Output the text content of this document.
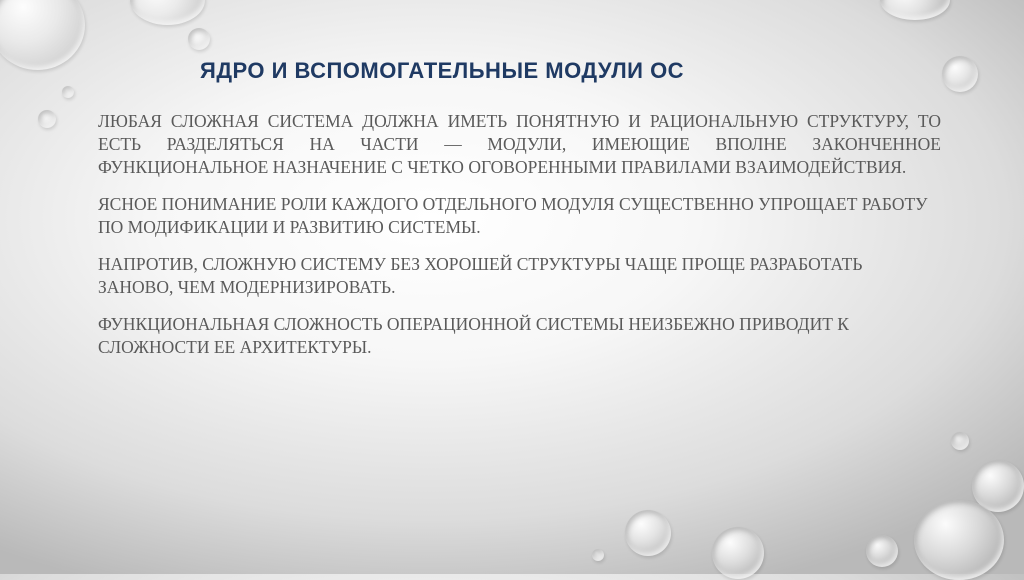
ЯДРО И ВСПОМОГАТЕЛЬНЫЕ МОДУЛИ ОС

ЛЮБАЯ СЛОЖНАЯ СИСТЕМА ДОЛЖНА ИМЕТЬ ПОНЯТНУЮ И РАЦИОНАЛЬНУЮ СТРУКТУРУ, ТО ЕСТЬ РАЗДЕЛЯТЬСЯ НА ЧАСТИ — МОДУЛИ, ИМЕЮЩИЕ ВПОЛНЕ ЗАКОНЧЕННОЕ ФУНКЦИОНАЛЬНОЕ НАЗНАЧЕНИЕ С ЧЕТКО ОГОВОРЕННЫМИ ПРАВИЛАМИ ВЗАИМОДЕЙСТВИЯ.

ЯСНОЕ ПОНИМАНИЕ РОЛИ КАЖДОГО ОТДЕЛЬНОГО МОДУЛЯ СУЩЕСТВЕННО УПРОЩАЕТ РАБОТУ ПО МОДИФИКАЦИИ И РАЗВИТИЮ СИСТЕМЫ.

НАПРОТИВ, СЛОЖНУЮ СИСТЕМУ БЕЗ ХОРОШЕЙ СТРУКТУРЫ ЧАЩЕ ПРОЩЕ РАЗРАБОТАТЬ ЗАНОВО, ЧЕМ МОДЕРНИЗИРОВАТЬ.

ФУНКЦИОНАЛЬНАЯ СЛОЖНОСТЬ ОПЕРАЦИОННОЙ СИСТЕМЫ НЕИЗБЕЖНО ПРИВОДИТ К СЛОЖНОСТИ ЕЕ АРХИТЕКТУРЫ.
